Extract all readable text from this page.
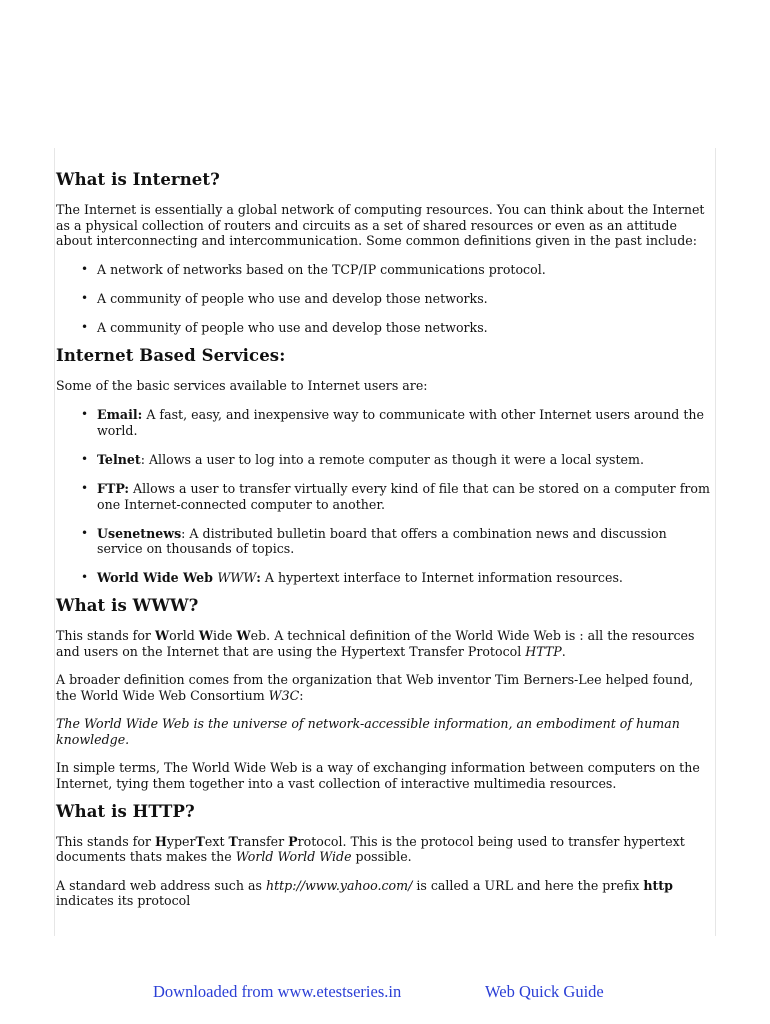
What is Internet?

The Internet is essentially a global network of computing resources. You can think about the Internet as a physical collection of routers and circuits as a set of shared resources or even as an attitude about interconnecting and intercommunication. Some common definitions given in the past include:

• A network of networks based on the TCP/IP communications protocol.
• A community of people who use and develop those networks.
• A community of people who use and develop those networks.
Internet Based Services:

Some of the basic services available to Internet users are:

• Email: A fast, easy, and inexpensive way to communicate with other Internet users around the world.
• Telnet: Allows a user to log into a remote computer as though it were a local system.
• FTP: Allows a user to transfer virtually every kind of file that can be stored on a computer from one Internet-connected computer to another.
• Usenetnews: A distributed bulletin board that offers a combination news and discussion service on thousands of topics.
• World Wide Web WWW: A hypertext interface to Internet information resources.
What is WWW?

This stands for World Wide Web. A technical definition of the World Wide Web is : all the resources and users on the Internet that are using the Hypertext Transfer Protocol HTTP.

A broader definition comes from the organization that Web inventor Tim Berners-Lee helped found, the World Wide Web Consortium W3C:

The World Wide Web is the universe of network-accessible information, an embodiment of human knowledge.

In simple terms, The World Wide Web is a way of exchanging information between computers on the Internet, tying them together into a vast collection of interactive multimedia resources.

What is HTTP?

This stands for HyperText Transfer Protocol. This is the protocol being used to transfer hypertext documents thats makes the World World Wide possible.

A standard web address such as http://www.yahoo.com/ is called a URL and here the prefix http indicates its protocol

Downloaded from www.etestseries.in	Web Quick Guide
